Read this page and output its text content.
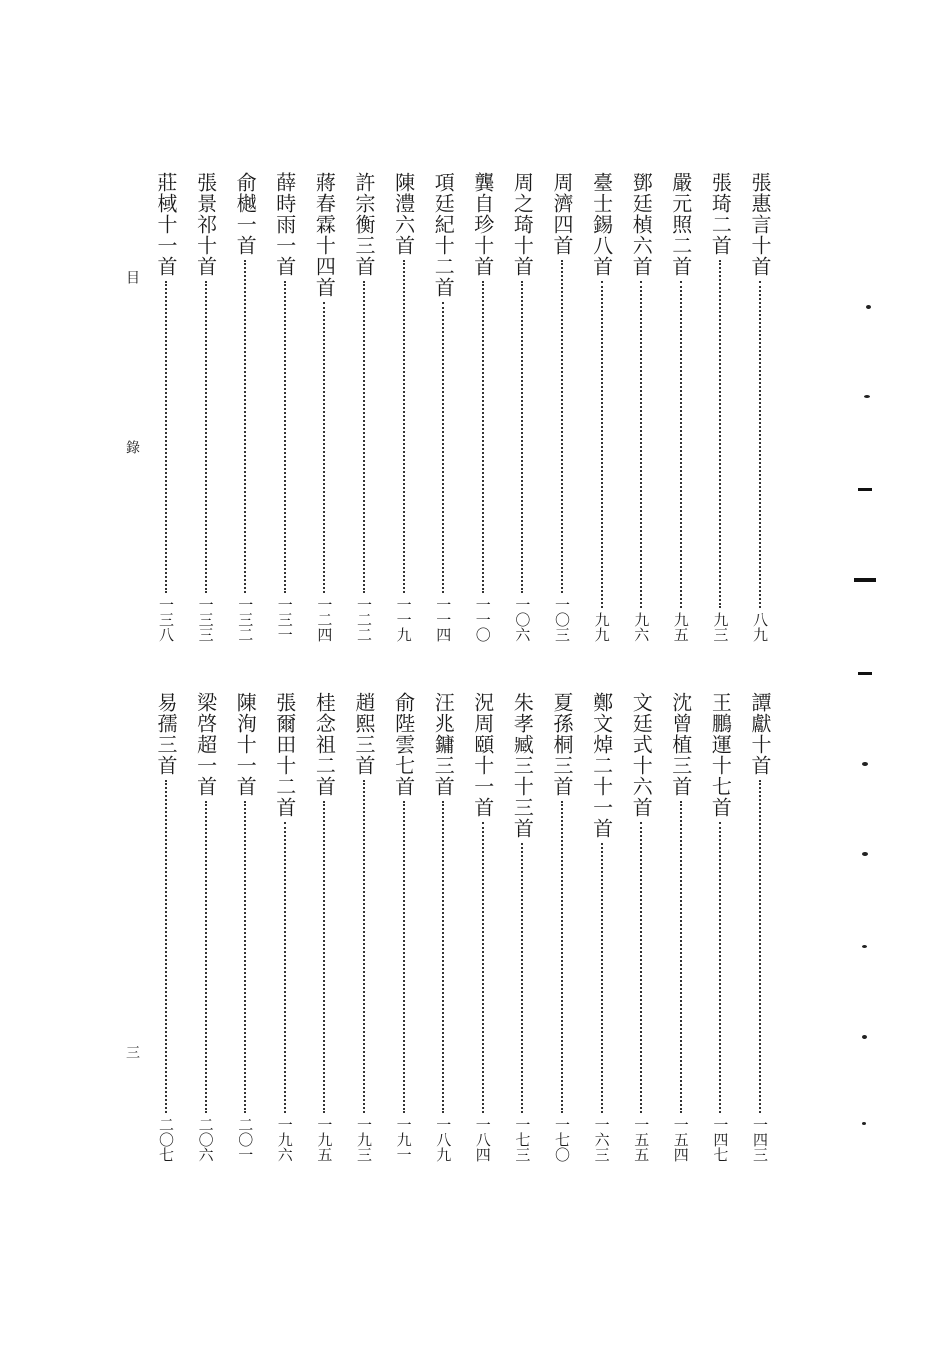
目
錄
三
張惠言十首
八九
張琦二首
九三
嚴元照二首
九五
鄧廷楨六首
九六
臺士錫八首
九九
周濟四首
一〇三
周之琦十首
一〇六
龔自珍十首
一一〇
項廷紀十二首
一一四
陳澧六首
一一九
許宗衡三首
一二二
蔣春霖十四首
一二四
薛時雨一首
一三一
俞樾一首
一三二
張景祁十首
一三三
莊棫十一首
一三八
譚獻十首
一四三
王鵬運十七首
一四七
沈曾植三首
一五四
文廷式十六首
一五五
鄭文焯二十一首
一六三
夏孫桐三首
一七〇
朱孝臧三十三首
一七三
況周頤十一首
一八四
汪兆鏞三首
一八九
俞陛雲七首
一九一
趙熙三首
一九三
桂念祖二首
一九五
張爾田十二首
一九六
陳洵十一首
二〇一
梁啓超一首
二〇六
易孺三首
二〇七
